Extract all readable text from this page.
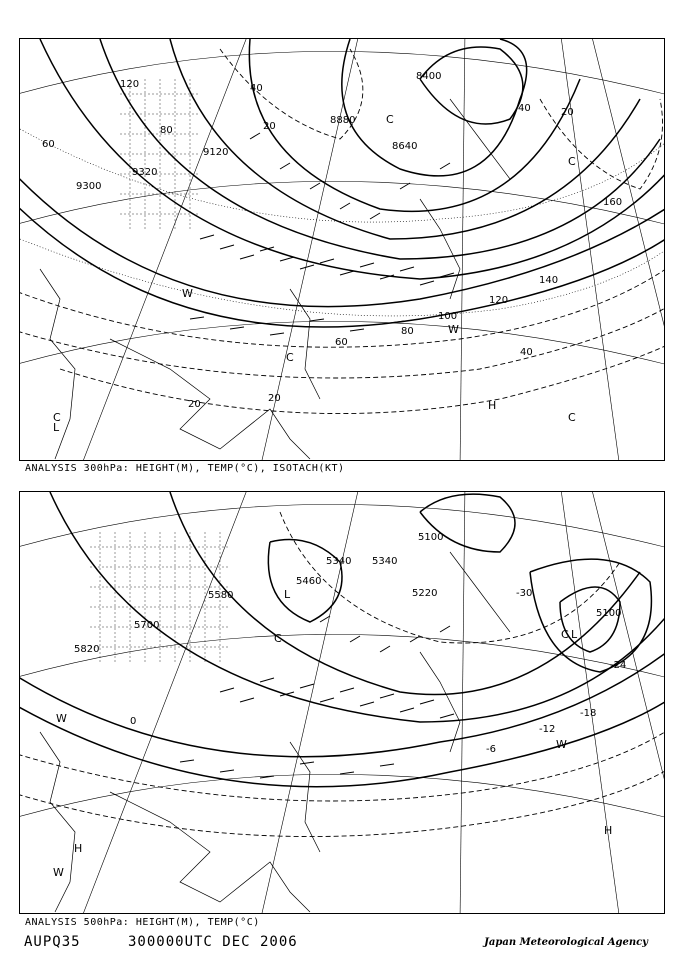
9120
9320
9300
8880
8640
8400
120
80
60
40
20
40	20
160
140
120
100
80
60
40
20
20
H
C
C
C
W
W
C
C
L
ANALYSIS 300hPa: HEIGHT(M), TEMP(°C), ISOTACH(KT)
5100
5100
5460
5340 5340
5580
5700
5820
5220	-30
-24
-18
-12
-6
0
L
L
C
H
H
W
W
W
C
ANALYSIS 500hPa: HEIGHT(M), TEMP(°C)
AUPQ35	300000UTC DEC 2006	Japan Meteorological Agency
